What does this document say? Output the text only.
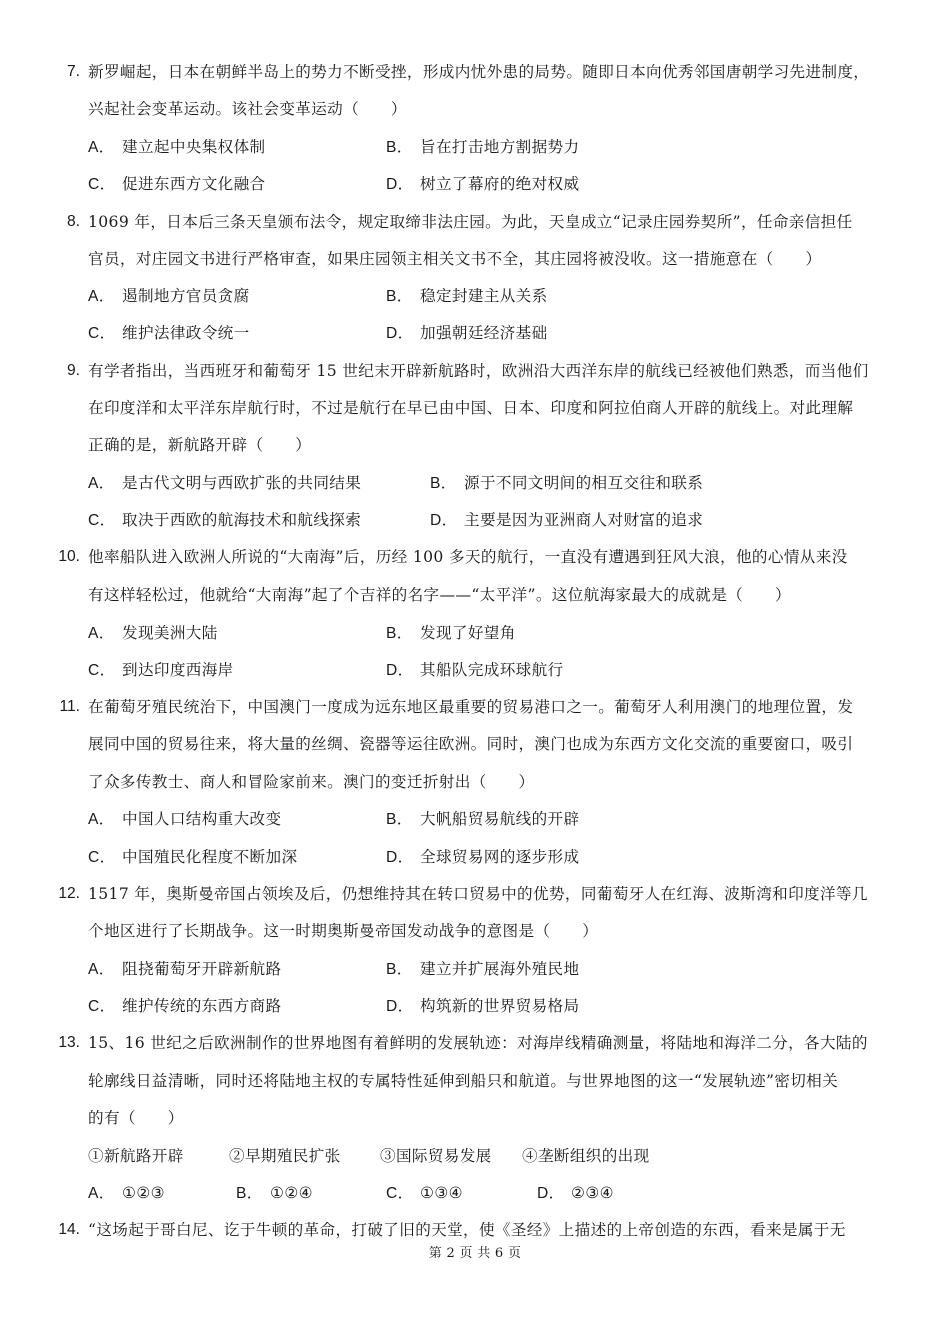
7. 新罗崛起，日本在朝鲜半岛上的势力不断受挫，形成内忧外患的局势。随即日本向优秀邻国唐朝学习先进制度，
兴起社会变革运动。该社会变革运动（　　）
A． 建立起中央集权体制	B． 旨在打击地方割据势力
C． 促进东西方文化融合	D． 树立了幕府的绝对权威
8. 1069 年，日本后三条天皇颁布法令，规定取缔非法庄园。为此，天皇成立“记录庄园券契所”，任命亲信担任
官员，对庄园文书进行严格审查，如果庄园领主相关文书不全，其庄园将被没收。这一措施意在（　　）
A． 遏制地方官员贪腐	B． 稳定封建主从关系
C． 维护法律政令统一	D． 加强朝廷经济基础
9. 有学者指出，当西班牙和葡萄牙 15 世纪末开辟新航路时，欧洲沿大西洋东岸的航线已经被他们熟悉，而当他们
在印度洋和太平洋东岸航行时，不过是航行在早已由中国、日本、印度和阿拉伯商人开辟的航线上。对此理解
正确的是，新航路开辟（　　）
A． 是古代文明与西欧扩张的共同结果	B． 源于不同文明间的相互交往和联系
C． 取决于西欧的航海技术和航线探索	D． 主要是因为亚洲商人对财富的追求
10. 他率船队进入欧洲人所说的“大南海”后，历经 100 多天的航行，一直没有遭遇到狂风大浪，他的心情从来没
有这样轻松过，他就给“大南海”起了个吉祥的名字——“太平洋”。这位航海家最大的成就是（　　）
A． 发现美洲大陆	B． 发现了好望角
C． 到达印度西海岸	D． 其船队完成环球航行
11. 在葡萄牙殖民统治下，中国澳门一度成为远东地区最重要的贸易港口之一。葡萄牙人利用澳门的地理位置，发
展同中国的贸易往来，将大量的丝绸、瓷器等运往欧洲。同时，澳门也成为东西方文化交流的重要窗口，吸引
了众多传教士、商人和冒险家前来。澳门的变迁折射出（　　）
A． 中国人口结构重大改变	B． 大帆船贸易航线的开辟
C． 中国殖民化程度不断加深	D． 全球贸易网的逐步形成
12. 1517 年，奥斯曼帝国占领埃及后，仍想维持其在转口贸易中的优势，同葡萄牙人在红海、波斯湾和印度洋等几
个地区进行了长期战争。这一时期奥斯曼帝国发动战争的意图是（　　）
A． 阻挠葡萄牙开辟新航路	B． 建立并扩展海外殖民地
C． 维护传统的东西方商路	D． 构筑新的世界贸易格局
13. 15、16 世纪之后欧洲制作的世界地图有着鲜明的发展轨迹：对海岸线精确测量，将陆地和海洋二分，各大陆的
轮廓线日益清晰，同时还将陆地主权的专属特性延伸到船只和航道。与世界地图的这一“发展轨迹”密切相关
的有（　　）
①新航路开辟	②早期殖民扩张	③国际贸易发展 ④垄断组织的出现
A． ①②③	B． ①②④	C． ①③④	D． ②③④
14. “这场起于哥白尼、讫于牛顿的革命，打破了旧的天堂，使《圣经》上描述的上帝创造的东西，看来是属于无
第 2 页 共 6 页
